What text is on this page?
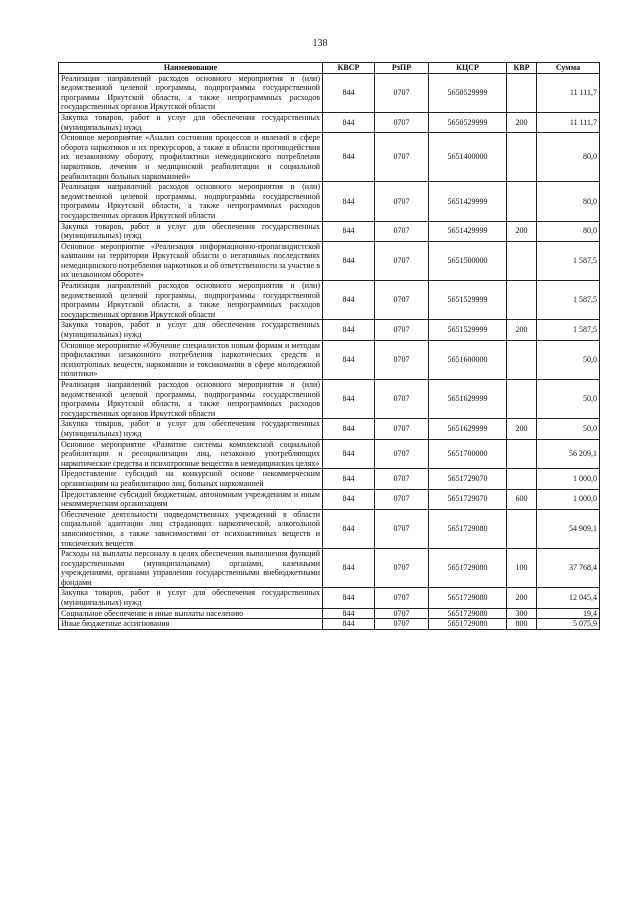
138
Наименование	КВСР	РзПР	КЦСР	КВР	Сумма
Реализация направлений расходов основного мероприятия и (или) ведомственной целевой программы, подпрограммы государственной программы Иркутской области, а также непрограммных расходов государственных органов Иркутской области	844	0707	5650529999		11 111,7
Закупка товаров, работ и услуг для обеспечения государственных (муниципальных) нужд	844	0707	5650529999	200	11 111,7
Основное мероприятие «Анализ состояния процессов и явлений в сфере оборота наркотиков и их прекурсоров, а также в области противодействия их незаконному обороту, профилактики немедицинского потребления наркотиков, лечения и медицинской реабилитации и социальной реабилитации больных наркоманией»	844	0707	5651400000		80,0
Реализация направлений расходов основного мероприятия и (или) ведомственной целевой программы, подпрограммы государственной программы Иркутской области, а также непрограммных расходов государственных органов Иркутской области	844	0707	5651429999		80,0
Закупка товаров, работ и услуг для обеспечения государственных (муниципальных) нужд	844	0707	5651429999	200	80,0
Основное мероприятие «Реализация информационно-пропагандистской кампании на территории Иркутской области о негативных последствиях немедицинского потребления наркотиков и об ответственности за участие в их незаконном обороте»	844	0707	5651500000		1 587,5
Реализация направлений расходов основного мероприятия и (или) ведомственной целевой программы, подпрограммы государственной программы Иркутской области, а также непрограммных расходов государственных органов Иркутской области	844	0707	5651529999		1 587,5
Закупка товаров, работ и услуг для обеспечения государственных (муниципальных) нужд	844	0707	5651529999	200	1 587,5
Основное мероприятие «Обучение специалистов новым формам и методам профилактики незаконного потребления наркотических средств и психотропных веществ, наркомании и токсикомании в сфере молодежной политики»	844	0707	5651600000		50,0
Реализация направлений расходов основного мероприятия и (или) ведомственной целевой программы, подпрограммы государственной программы Иркутской области, а также непрограммных расходов государственных органов Иркутской области	844	0707	5651629999		50,0
Закупка товаров, работ и услуг для обеспечения государственных (муниципальных) нужд	844	0707	5651629999	200	50,0
Основное мероприятие «Развитие системы комплексной социальной реабилитации и ресоциализации лиц, незаконно употребляющих наркотические средства и психотропные вещества в немедицинских целях»	844	0707	5651700000		56 209,1
Предоставление субсидий на конкурсной основе некоммерческим организациям на реабилитацию лиц, больных наркоманией	844	0707	5651729070		1 000,0
Предоставление субсидий бюджетным, автономным учреждениям и иным некоммерческим организациям	844	0707	5651729070	600	1 000,0
Обеспечение деятельности подведомственных учреждений в области социальной адаптации лиц страдающих наркотической, алкогольной зависимостями, а также зависимостями от психоактивных веществ и токсических веществ	844	0707	5651729080		54 909,1
Расходы на выплаты персоналу в целях обеспечения выполнения функций государственными (муниципальными) органами, казенными учреждениями, органами управления государственными внебюджетными фондами	844	0707	5651729080	100	37 768,4
Закупка товаров, работ и услуг для обеспечения государственных (муниципальных) нужд	844	0707	5651729080	200	12 045,4
Социальное обеспечение и иные выплаты населению	844	0707	5651729080	300	19,4
Иные бюджетные ассигнования	844	0707	5651729080	800	5 075,9
